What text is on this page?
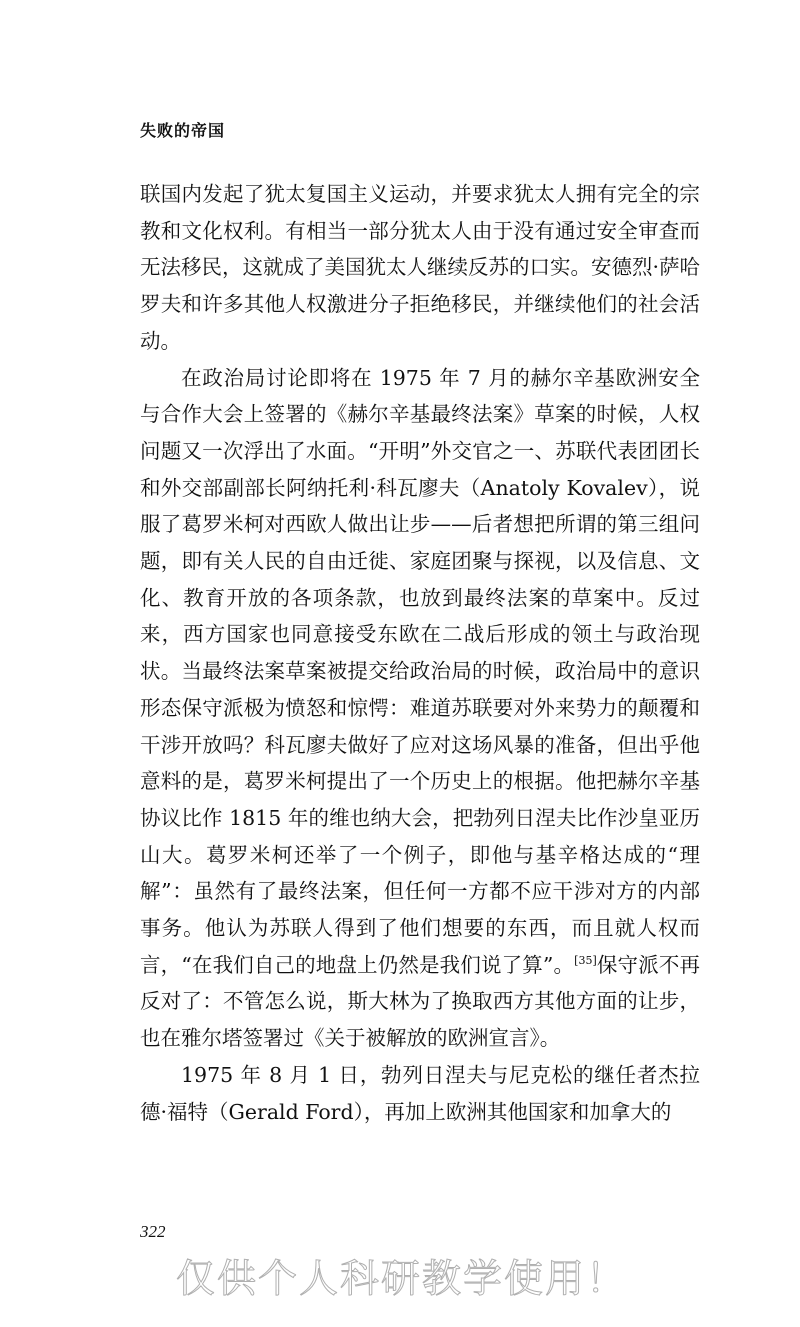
失败的帝国

联国内发起了犹太复国主义运动，并要求犹太人拥有完全的宗教和文化权利。有相当一部分犹太人由于没有通过安全审查而无法移民，这就成了美国犹太人继续反苏的口实。安德烈·萨哈罗夫和许多其他人权激进分子拒绝移民，并继续他们的社会活动。

在政治局讨论即将在 1975 年 7 月的赫尔辛基欧洲安全与合作大会上签署的《赫尔辛基最终法案》草案的时候，人权问题又一次浮出了水面。“开明”外交官之一、苏联代表团团长和外交部副部长阿纳托利·科瓦廖夫（Anatoly Kovalev），说服了葛罗米柯对西欧人做出让步——后者想把所谓的第三组问题，即有关人民的自由迁徙、家庭团聚与探视，以及信息、文化、教育开放的各项条款，也放到最终法案的草案中。反过来，西方国家也同意接受东欧在二战后形成的领土与政治现状。当最终法案草案被提交给政治局的时候，政治局中的意识形态保守派极为愤怒和惊愕：难道苏联要对外来势力的颠覆和干涉开放吗？科瓦廖夫做好了应对这场风暴的准备，但出乎他意料的是，葛罗米柯提出了一个历史上的根据。他把赫尔辛基协议比作 1815 年的维也纳大会，把勃列日涅夫比作沙皇亚历山大。葛罗米柯还举了一个例子，即他与基辛格达成的“理解”：虽然有了最终法案，但任何一方都不应干涉对方的内部事务。他认为苏联人得到了他们想要的东西，而且就人权而言，“在我们自己的地盘上仍然是我们说了算”。[35]保守派不再反对了：不管怎么说，斯大林为了换取西方其他方面的让步，也在雅尔塔签署过《关于被解放的欧洲宣言》。

1975 年 8 月 1 日，勃列日涅夫与尼克松的继任者杰拉德·福特（Gerald Ford），再加上欧洲其他国家和加拿大的

322

仅供个人科研教学使用！
